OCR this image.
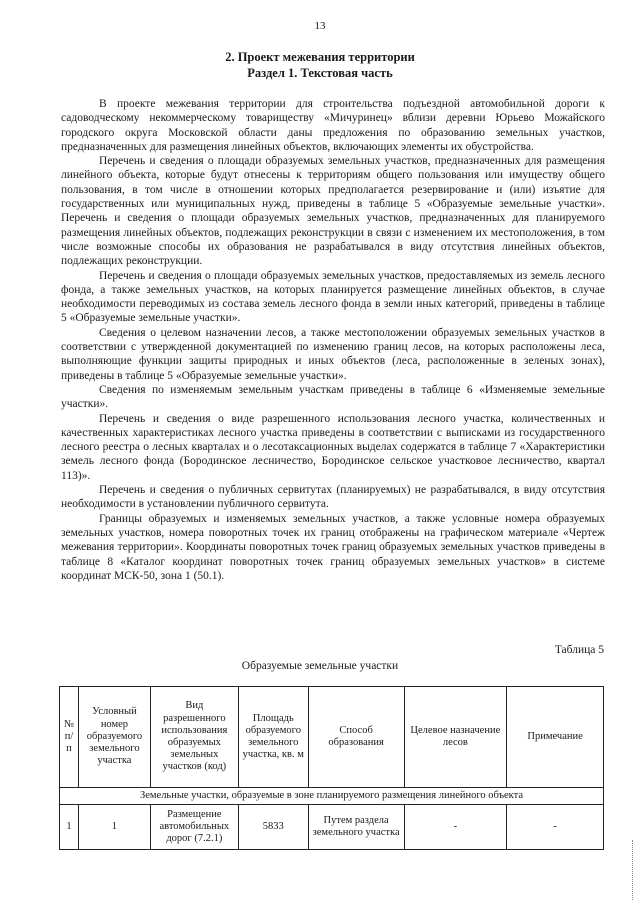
13
2. Проект межевания территории
Раздел 1. Текстовая часть

В проекте межевания территории для строительства подъездной автомобильной дороги к садоводческому некоммерческому товариществу «Мичуринец» вблизи деревни Юрьево Можайского городского округа Московской области даны предложения по образованию земельных участков, предназначенных для размещения линейных объектов, включающих элементы их обустройства.

Перечень и сведения о площади образуемых земельных участков, предназначенных для размещения линейного объекта, которые будут отнесены к территориям общего пользования или имуществу общего пользования, в том числе в отношении которых предполагается резервирование и (или) изъятие для государственных или муниципальных нужд, приведены в таблице 5 «Образуемые земельные участки». Перечень и сведения о площади образуемых земельных участков, предназначенных для планируемого размещения линейных объектов, подлежащих реконструкции в связи с изменением их местоположения, в том числе возможные способы их образования не разрабатывался в виду отсутствия линейных объектов, подлежащих реконструкции.

Перечень и сведения о площади образуемых земельных участков, предоставляемых из земель лесного фонда, а также земельных участков, на которых планируется размещение линейных объектов, в случае необходимости переводимых из состава земель лесного фонда в земли иных категорий, приведены в таблице 5 «Образуемые земельные участки».

Сведения о целевом назначении лесов, а также местоположении образуемых земельных участков в соответствии с утвержденной документацией по изменению границ лесов, на которых расположены леса, выполняющие функции защиты природных и иных объектов (леса, расположенные в зеленых зонах), приведены в таблице 5 «Образуемые земельные участки».

Сведения по изменяемым земельным участкам приведены в таблице 6 «Изменяемые земельные участки».

Перечень и сведения о виде разрешенного использования лесного участка, количественных и качественных характеристиках лесного участка приведены в соответствии с выписками из государственного лесного реестра о лесных кварталах и о лесотаксационных выделах содержатся в таблице 7 «Характеристики земель лесного фонда (Бородинское лесничество, Бородинское сельское участковое лесничество, квартал 113)».

Перечень и сведения о публичных сервитутах (планируемых) не разрабатывался, в виду отсутствия необходимости в установлении публичного сервитута.

Границы образуемых и изменяемых земельных участков, а также условные номера образуемых земельных участков, номера поворотных точек их границ отображены на графическом материале «Чертеж межевания территории». Координаты поворотных точек границ образуемых земельных участков приведены в таблице 8 «Каталог координат поворотных точек границ образуемых земельных участков» в системе координат МСК-50, зона 1 (50.1).

Таблица 5
Образуемые земельные участки
№ п/п	Условный номер образуемого земельного участка	Вид разрешенного использования образуемых земельных участков (код)	Площадь образуемого земельного участка, кв. м	Способ образования	Целевое назначение лесов	Примечание
Земельные участки, образуемые в зоне планируемого размещения линейного объекта						
1	1	Размещение автомобильных дорог (7.2.1)	5833	Путем раздела земельного участка	-	-
